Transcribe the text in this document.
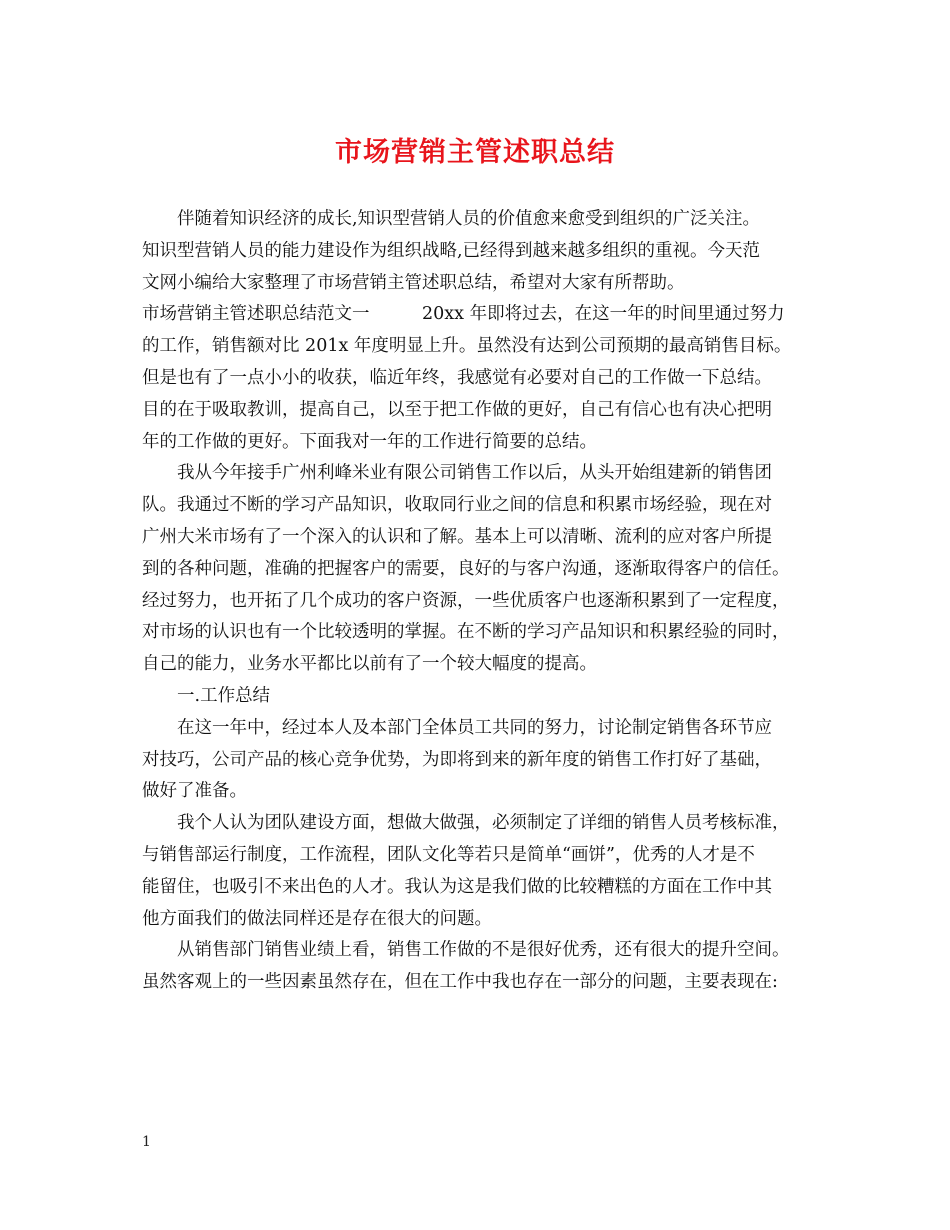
市场营销主管述职总结
伴随着知识经济的成长,知识型营销人员的价值愈来愈受到组织的广泛关注。
知识型营销人员的能力建设作为组织战略,已经得到越来越多组织的重视。今天范
文网小编给大家整理了市场营销主管述职总结，希望对大家有所帮助。
市场营销主管述职总结范文一　　　20xx 年即将过去，在这一年的时间里通过努力
的工作，销售额对比 201x 年度明显上升。虽然没有达到公司预期的最高销售目标。
但是也有了一点小小的收获，临近年终，我感觉有必要对自己的工作做一下总结。
目的在于吸取教训，提高自己，以至于把工作做的更好，自己有信心也有决心把明
年的工作做的更好。下面我对一年的工作进行简要的总结。
我从今年接手广州利峰米业有限公司销售工作以后，从头开始组建新的销售团
队。我通过不断的学习产品知识，收取同行业之间的信息和积累市场经验，现在对
广州大米市场有了一个深入的认识和了解。基本上可以清晰、流利的应对客户所提
到的各种问题，准确的把握客户的需要，良好的与客户沟通，逐渐取得客户的信任。
经过努力，也开拓了几个成功的客户资源，一些优质客户也逐渐积累到了一定程度，
对市场的认识也有一个比较透明的掌握。在不断的学习产品知识和积累经验的同时，
自己的能力，业务水平都比以前有了一个较大幅度的提高。
一.工作总结
在这一年中，经过本人及本部门全体员工共同的努力，讨论制定销售各环节应
对技巧，公司产品的核心竞争优势，为即将到来的新年度的销售工作打好了基础，
做好了准备。
我个人认为团队建设方面，想做大做强，必须制定了详细的销售人员考核标准，
与销售部运行制度，工作流程，团队文化等若只是简单“画饼”，优秀的人才是不
能留住，也吸引不来出色的人才。我认为这是我们做的比较糟糕的方面在工作中其
他方面我们的做法同样还是存在很大的问题。
从销售部门销售业绩上看，销售工作做的不是很好优秀，还有很大的提升空间。
虽然客观上的一些因素虽然存在，但在工作中我也存在一部分的问题，主要表现在:
1
